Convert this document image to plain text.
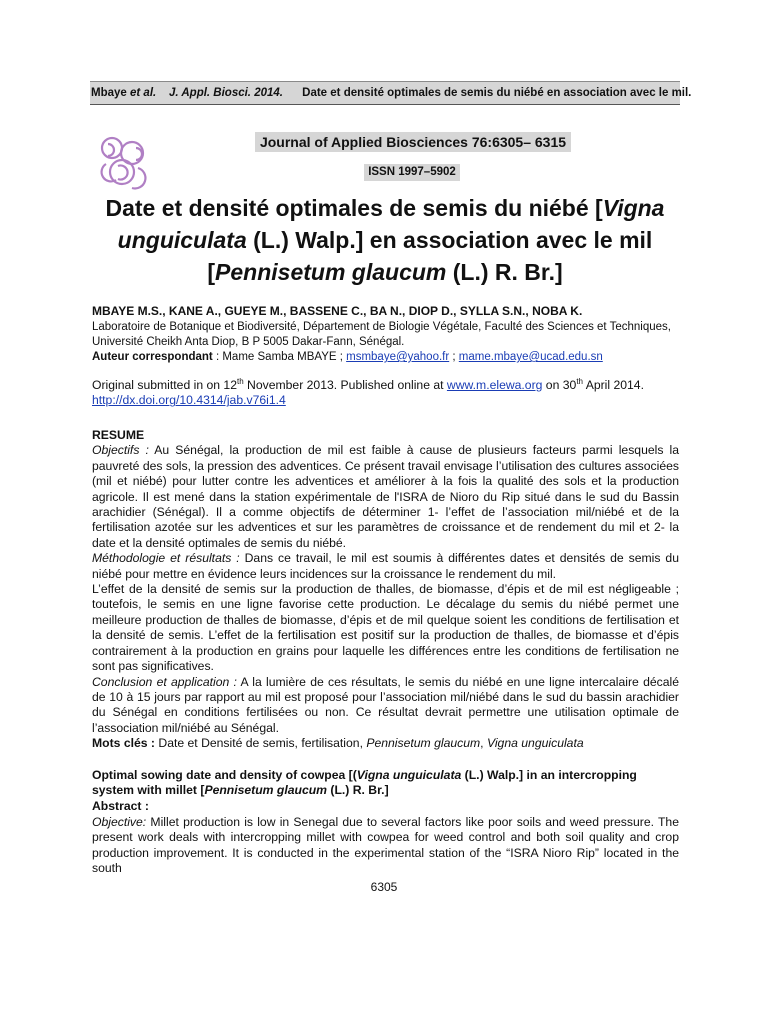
Mbaye et al. J. Appl. Biosci. 2014. Date et densité optimales de semis du niébé en association avec le mil.
Journal of Applied Biosciences 76:6305– 6315
ISSN 1997–5902
Date et densité optimales de semis du niébé [Vigna
unguiculata (L.) Walp.] en association avec le mil
[Pennisetum glaucum (L.) R. Br.]
MBAYE M.S., KANE A., GUEYE M., BASSENE C., BA N., DIOP D., SYLLA S.N., NOBA K.
Laboratoire de Botanique et Biodiversité, Département de Biologie Végétale, Faculté des Sciences et Techniques,
Université Cheikh Anta Diop, B P 5005 Dakar-Fann, Sénégal.
Auteur correspondant : Mame Samba MBAYE ; msmbaye@yahoo.fr ; mame.mbaye@ucad.edu.sn
Original submitted in on 12th November 2013. Published online at www.m.elewa.org on 30th April 2014.
http://dx.doi.org/10.4314/jab.v76i1.4
RESUME
Objectifs : Au Sénégal, la production de mil est faible à cause de plusieurs facteurs parmi lesquels la pauvreté des sols, la pression des adventices. Ce présent travail envisage l’utilisation des cultures associées (mil et niébé) pour lutter contre les adventices et améliorer à la fois la qualité des sols et la production agricole. Il est mené dans la station expérimentale de l'ISRA de Nioro du Rip situé dans le sud du Bassin arachidier (Sénégal). Il a comme objectifs de déterminer 1- l’effet de l’association mil/niébé et de la fertilisation azotée sur les adventices et sur les paramètres de croissance et de rendement du mil et 2- la date et la densité optimales de semis du niébé.
Méthodologie et résultats : Dans ce travail, le mil est soumis à différentes dates et densités de semis du niébé pour mettre en évidence leurs incidences sur la croissance le rendement du mil.
L’effet de la densité de semis sur la production de thalles, de biomasse, d’épis et de mil est négligeable ; toutefois, le semis en une ligne favorise cette production. Le décalage du semis du niébé permet une meilleure production de thalles de biomasse, d’épis et de mil quelque soient les conditions de fertilisation et la densité de semis. L’effet de la fertilisation est positif sur la production de thalles, de biomasse et d’épis contrairement à la production en grains pour laquelle les différences entre les conditions de fertilisation ne sont pas significatives.
Conclusion et application : A la lumière de ces résultats, le semis du niébé en une ligne intercalaire décalé de 10 à 15 jours par rapport au mil est proposé pour l’association mil/niébé dans le sud du bassin arachidier du Sénégal en conditions fertilisées ou non. Ce résultat devrait permettre une utilisation optimale de l’association mil/niébé au Sénégal.
Mots clés : Date et Densité de semis, fertilisation, Pennisetum glaucum, Vigna unguiculata
Optimal sowing date and density of cowpea [(Vigna unguiculata (L.) Walp.] in an intercropping system with millet [Pennisetum glaucum (L.) R. Br.]
Abstract :
Objective: Millet production is low in Senegal due to several factors like poor soils and weed pressure. The present work deals with intercropping millet with cowpea for weed control and both soil quality and crop production improvement. It is conducted in the experimental station of the “ISRA Nioro Rip” located in the south
6305
